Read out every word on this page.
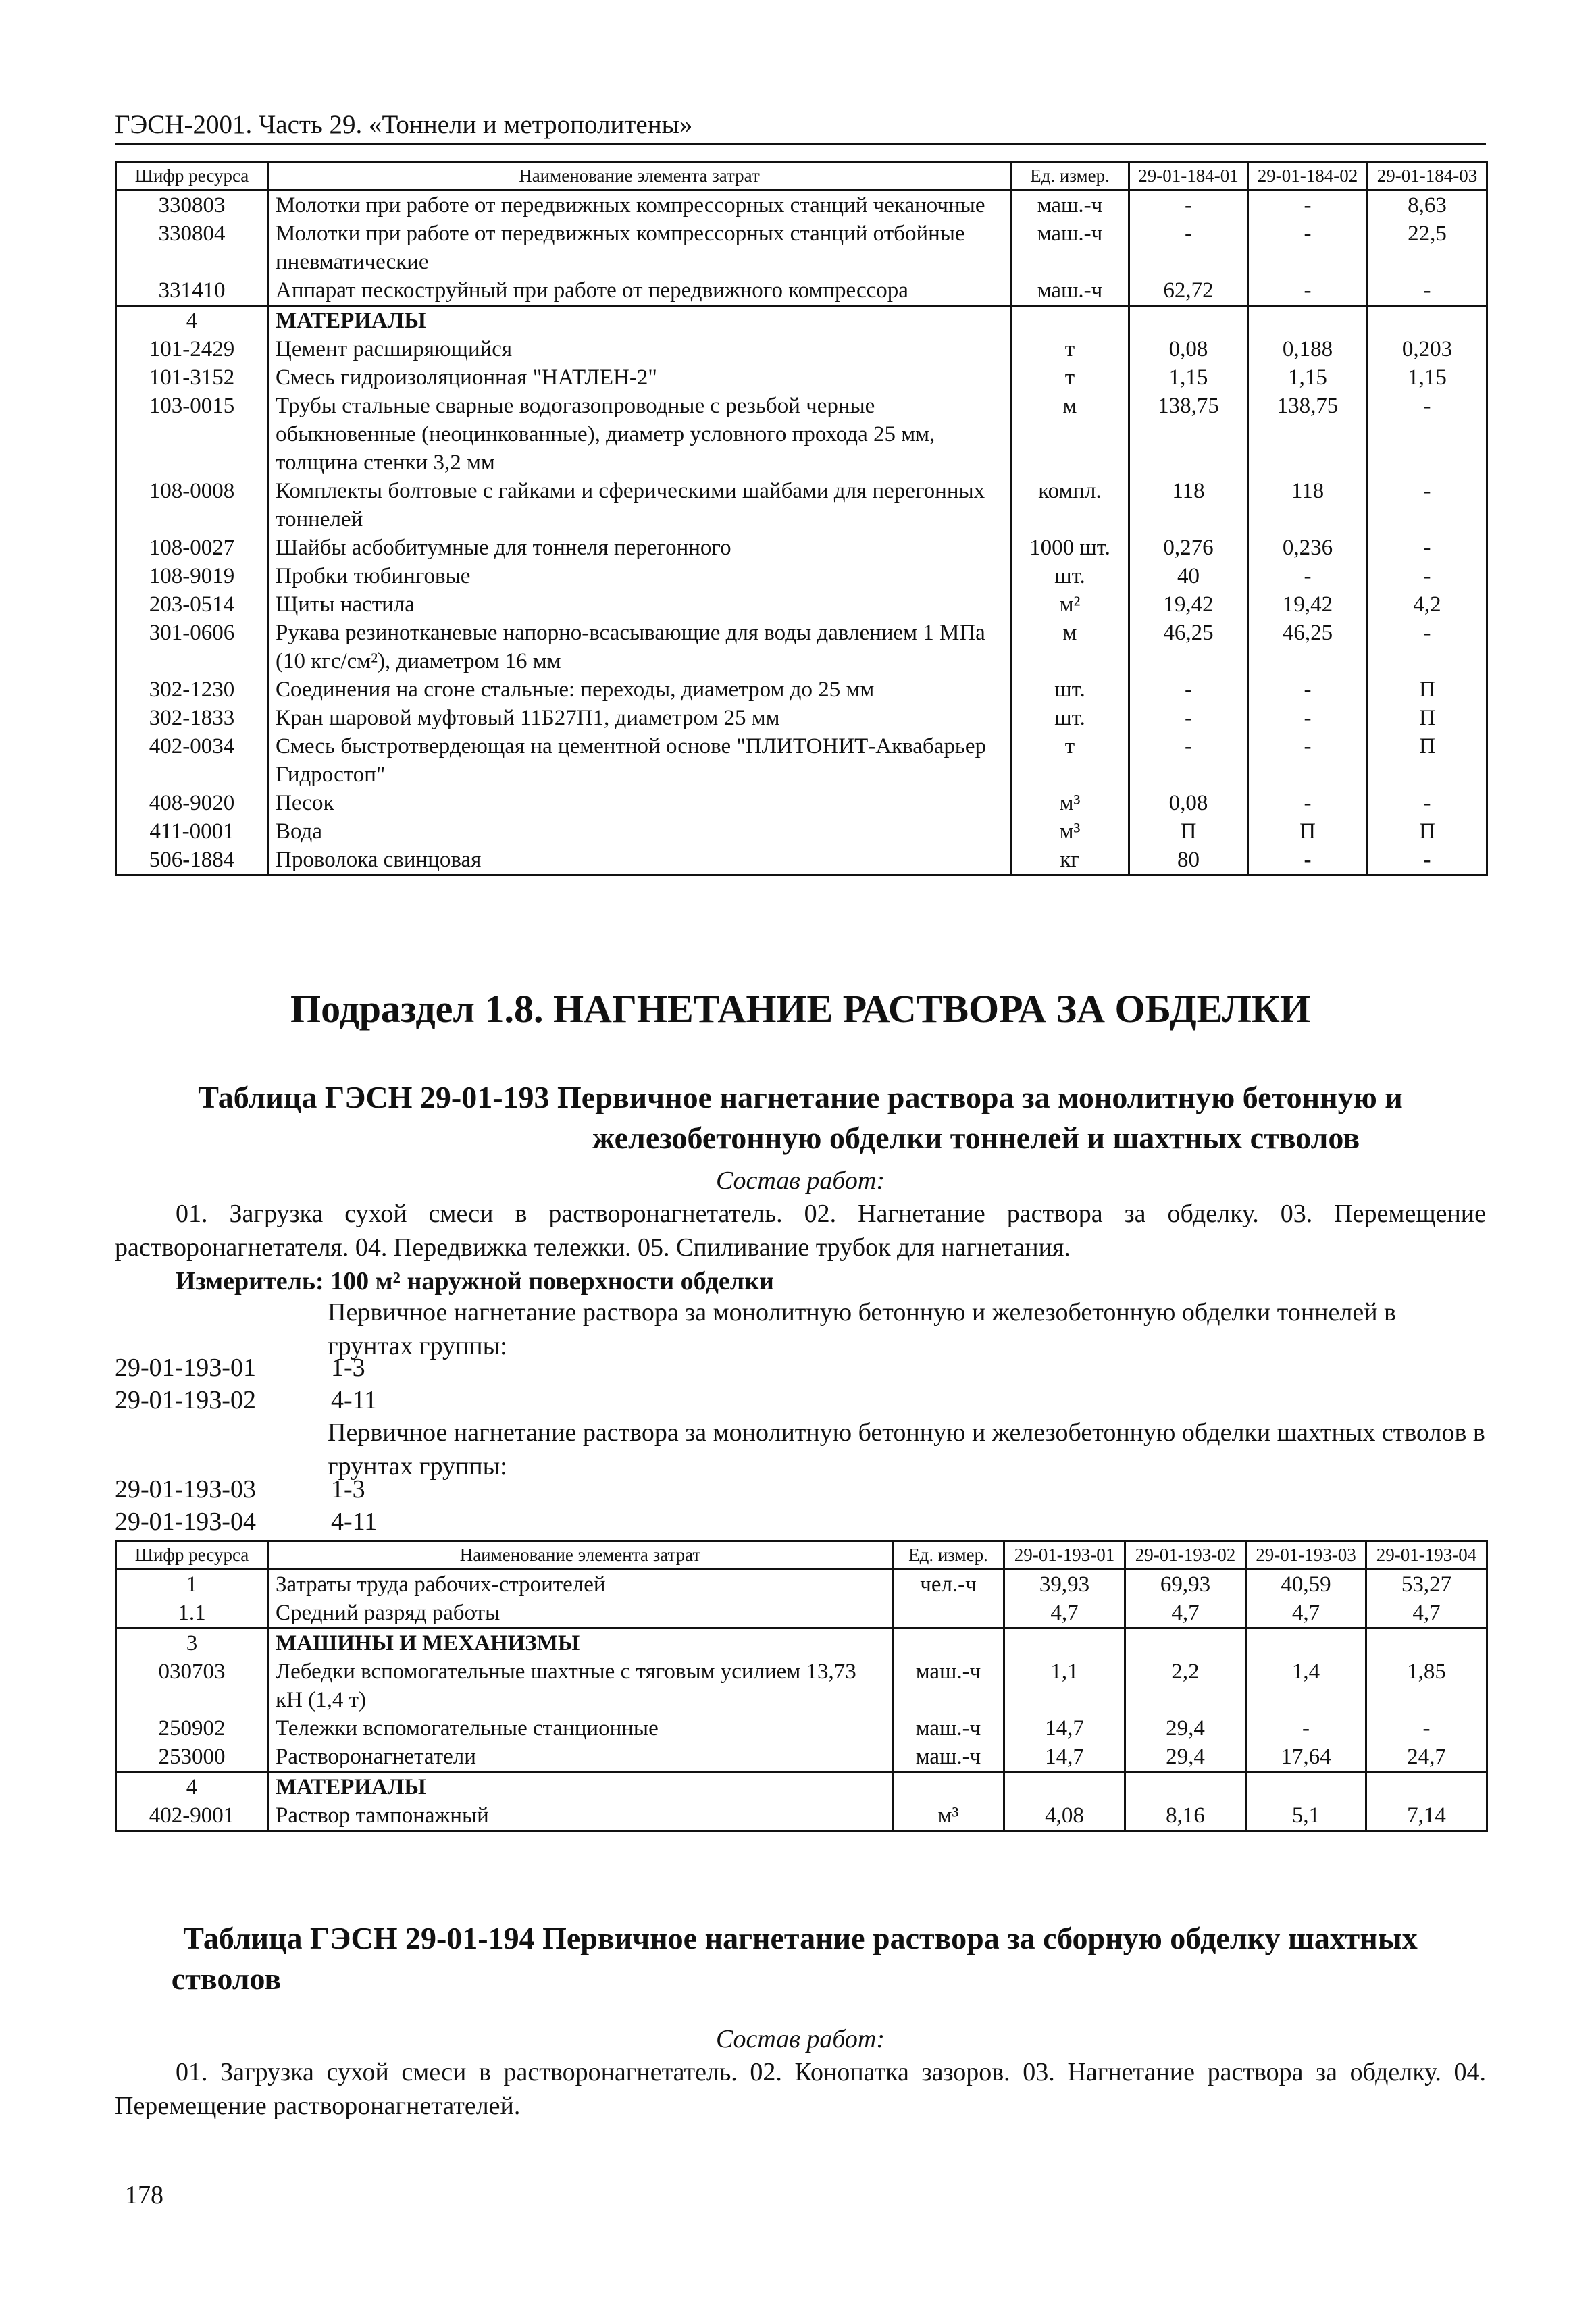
ГЭСН-2001. Часть 29. «Тоннели и метрополитены»
Шифр ресурса	Наименование элемента затрат	Ед. измер.	29-01-184-01	29-01-184-02	29-01-184-03
330803	Молотки при работе от передвижных компрессорных станций чеканочные	маш.-ч	-	-	8,63
330804	Молотки при работе от передвижных компрессорных станций отбойные пневматические	маш.-ч	-	-	22,5
331410	Аппарат пескоструйный при работе от передвижного компрессора	маш.-ч	62,72	-	-
4	МАТЕРИАЛЫ				
101-2429	Цемент расширяющийся	т	0,08	0,188	0,203
101-3152	Смесь гидроизоляционная "НАТЛЕН-2"	т	1,15	1,15	1,15
103-0015	Трубы стальные сварные водогазопроводные с резьбой черные обыкновенные (неоцинкованные), диаметр условного прохода 25 мм, толщина стенки 3,2 мм	м	138,75	138,75	-
108-0008	Комплекты болтовые с гайками и сферическими шайбами для перегонных тоннелей	компл.	118	118	-
108-0027	Шайбы асбобитумные для тоннеля перегонного	1000 шт.	0,276	0,236	-
108-9019	Пробки тюбинговые	шт.	40	-	-
203-0514	Щиты настила	м²	19,42	19,42	4,2
301-0606	Рукава резинотканевые напорно-всасывающие для воды давлением 1 МПа (10 кгс/см²), диаметром 16 мм	м	46,25	46,25	-
302-1230	Соединения на сгоне стальные: переходы, диаметром до 25 мм	шт.	-	-	П
302-1833	Кран шаровой муфтовый 11Б27П1, диаметром 25 мм	шт.	-	-	П
402-0034	Смесь быстротвердеющая на цементной основе "ПЛИТОНИТ-Аквабарьер Гидростоп"	т	-	-	П
408-9020	Песок	м³	0,08	-	-
411-0001	Вода	м³	П	П	П
506-1884	Проволока свинцовая	кг	80	-	-
Подраздел 1.8. НАГНЕТАНИЕ РАСТВОРА ЗА ОБДЕЛКИ
Таблица ГЭСН 29-01-193 Первичное нагнетание раствора за монолитную бетонную и
железобетонную обделки тоннелей и шахтных стволов
Состав работ:
01. Загрузка сухой смеси в растворонагнетатель. 02. Нагнетание раствора за обделку. 03. Перемещение растворонагнетателя. 04. Передвижка тележки. 05. Спиливание трубок для нагнетания.
Измеритель: 100 м² наружной поверхности обделки
Первичное нагнетание раствора за монолитную бетонную и железобетонную обделки тоннелей в грунтах группы:
29-01-193-01	1-3
29-01-193-02	4-11
Первичное нагнетание раствора за монолитную бетонную и железобетонную обделки шахтных стволов в грунтах группы:
29-01-193-03	1-3
29-01-193-04	4-11
Шифр ресурса	Наименование элемента затрат	Ед. измер.	29-01-193-01	29-01-193-02	29-01-193-03	29-01-193-04
1	Затраты труда рабочих-строителей	чел.-ч	39,93	69,93	40,59	53,27
1.1	Средний разряд работы		4,7	4,7	4,7	4,7
3	МАШИНЫ И МЕХАНИЗМЫ					
030703	Лебедки вспомогательные шахтные с тяговым усилием 13,73 кН (1,4 т)	маш.-ч	1,1	2,2	1,4	1,85
250902	Тележки вспомогательные станционные	маш.-ч	14,7	29,4	-	-
253000	Растворонагнетатели	маш.-ч	14,7	29,4	17,64	24,7
4	МАТЕРИАЛЫ					
402-9001	Раствор тампонажный	м³	4,08	8,16	5,1	7,14
Таблица ГЭСН 29-01-194 Первичное нагнетание раствора за сборную обделку шахтных
стволов
Состав работ:
01. Загрузка сухой смеси в растворонагнетатель. 02. Конопатка зазоров. 03. Нагнетание раствора за обделку. 04. Перемещение растворонагнетателей.
178
